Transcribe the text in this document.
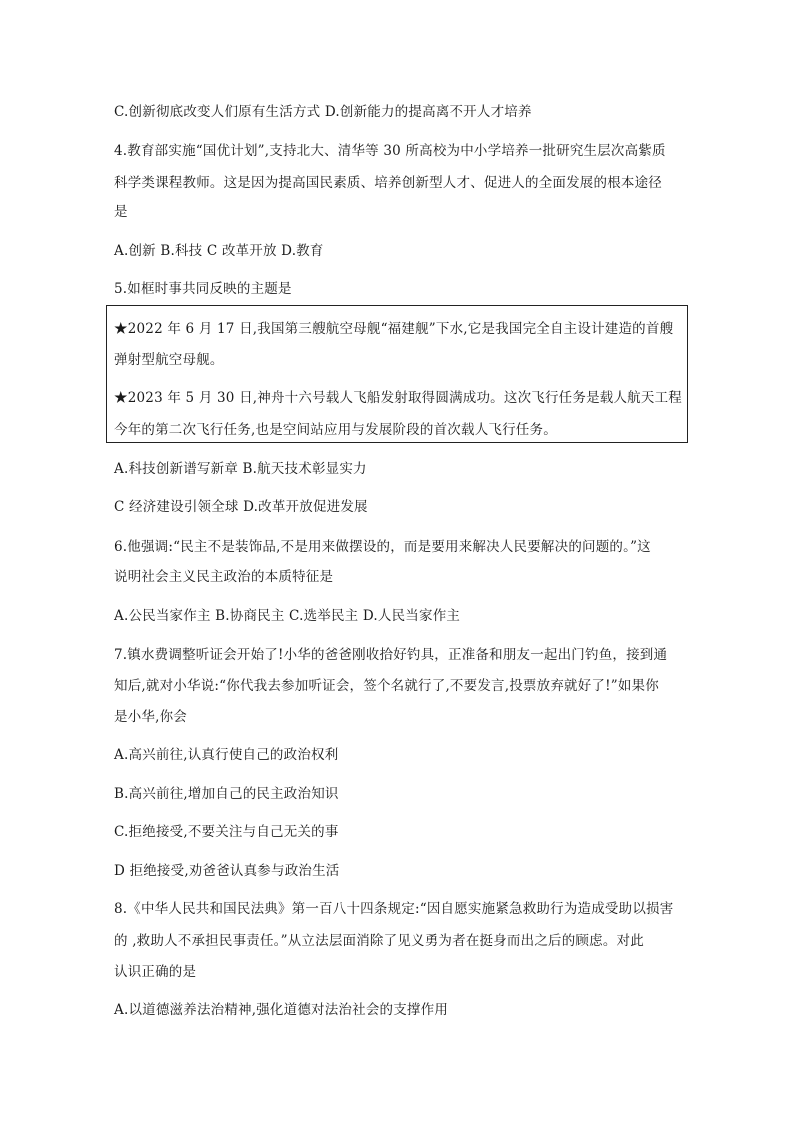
C.创新彻底改变人们原有生活方式 D.创新能力的提高离不开人才培养
4.教育部实施“国优计划”,支持北大、清华等 30 所高校为中小学培养一批研究生层次高紫质
科学类课程教师。这是因为提高国民素质、培养创新型人才、促进人的全面发展的根本途径
是
A.创新 B.科技 C 改革开放 D.教育
5.如框时事共同反映的主题是
★2022 年 6 月 17 日,我国第三艘航空母舰“福建舰”下水,它是我国完全自主设计建造的首艘
弹射型航空母舰。
★2023 年 5 月 30 日,神舟十六号载人飞船发射取得圆满成功。这次飞行任务是载人航天工程
今年的第二次飞行任务,也是空间站应用与发展阶段的首次载人飞行任务。
A.科技创新谱写新章 B.航天技术彰显实力
C 经济建设引领全球 D.改革开放促进发展
6.他强调:“民主不是装饰品,不是用来做摆设的，而是要用来解决人民要解决的问题的。”这
说明社会主义民主政治的本质特征是
A.公民当家作主 B.协商民主 C.选举民主 D.人民当家作主
7.镇水费调整听证会开始了!小华的爸爸刚收拾好钓具，正准备和朋友一起出门钓鱼，接到通
知后,就对小华说:“你代我去参加听证会，签个名就行了,不要发言,投票放弃就好了!”如果你
是小华,你会
A.高兴前往,认真行使自己的政治权利
B.高兴前往,增加自己的民主政治知识
C.拒绝接受,不要关注与自己无关的事
D 拒绝接受,劝爸爸认真参与政治生活
8.《中华人民共和国民法典》第一百八十四条规定:“因自愿实施紧急救助行为造成受助以损害
的 ,救助人不承担民事责任。”从立法层面消除了见义勇为者在挺身而出之后的顾虑。对此
认识正确的是
A.以道德滋养法治精神,强化道德对法治社会的支撑作用
